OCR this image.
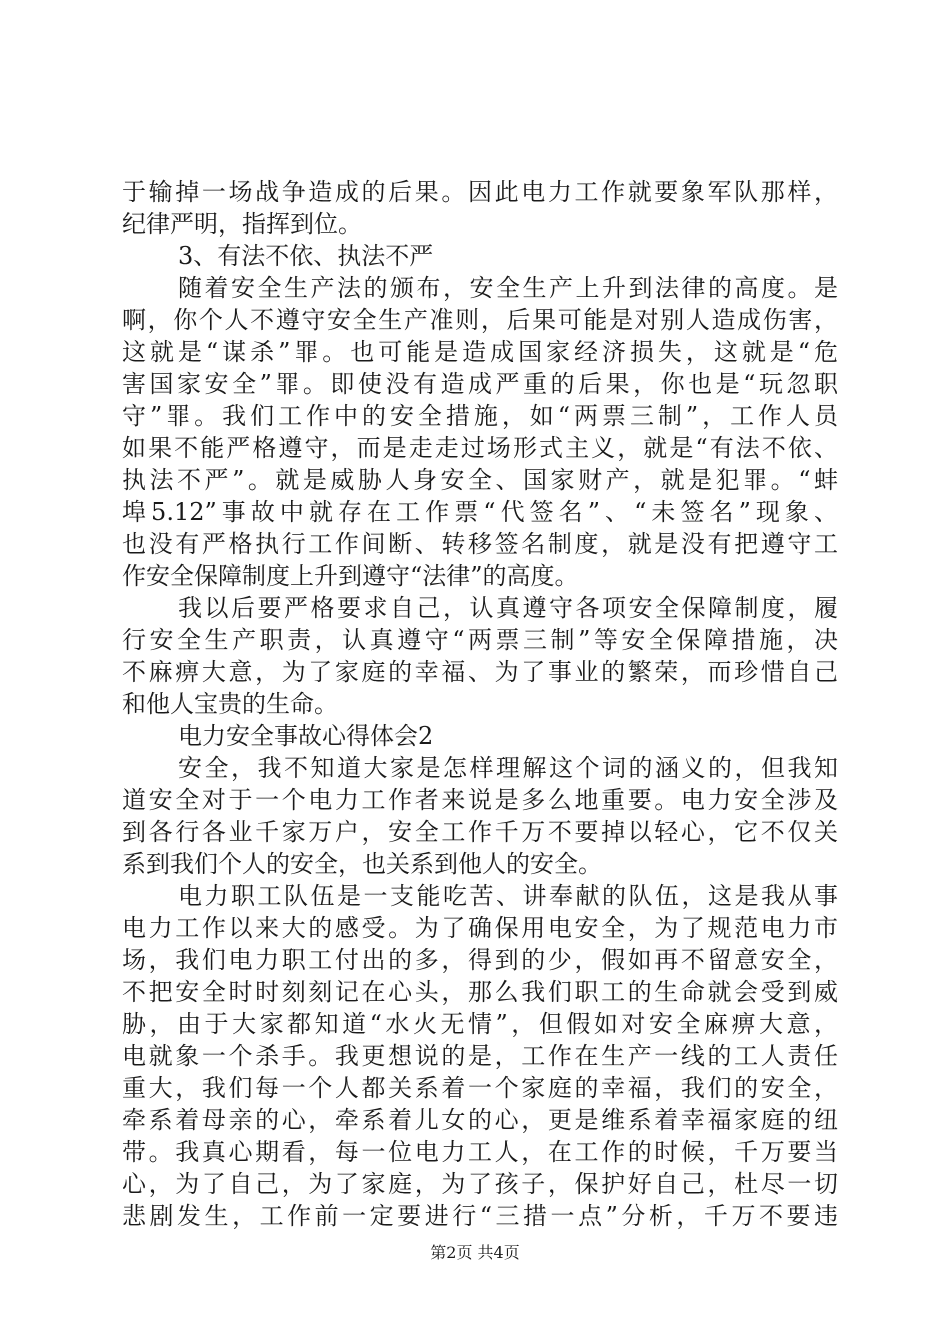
于输掉一场战争造成的后果。因此电力工作就要象军队那样，
纪律严明，指挥到位。
3、有法不依、执法不严
随着安全生产法的颁布，安全生产上升到法律的高度。是
啊，你个人不遵守安全生产准则，后果可能是对别人造成伤害，
这就是“谋杀”罪。也可能是造成国家经济损失，这就是“危
害国家安全”罪。即使没有造成严重的后果，你也是“玩忽职
守”罪。我们工作中的安全措施，如“两票三制”，工作人员
如果不能严格遵守，而是走走过场形式主义，就是“有法不依、
执法不严”。就是威胁人身安全、国家财产，就是犯罪。“蚌
埠5.12”事故中就存在工作票“代签名”、“未签名”现象、
也没有严格执行工作间断、转移签名制度，就是没有把遵守工
作安全保障制度上升到遵守“法律”的高度。
我以后要严格要求自己，认真遵守各项安全保障制度，履
行安全生产职责，认真遵守“两票三制”等安全保障措施，决
不麻痹大意，为了家庭的幸福、为了事业的繁荣，而珍惜自己
和他人宝贵的生命。
电力安全事故心得体会2
安全，我不知道大家是怎样理解这个词的涵义的，但我知
道安全对于一个电力工作者来说是多么地重要。电力安全涉及
到各行各业千家万户，安全工作千万不要掉以轻心，它不仅关
系到我们个人的安全，也关系到他人的安全。
电力职工队伍是一支能吃苦、讲奉献的队伍，这是我从事
电力工作以来大的感受。为了确保用电安全，为了规范电力市
场，我们电力职工付出的多，得到的少，假如再不留意安全，
不把安全时时刻刻记在心头，那么我们职工的生命就会受到威
胁，由于大家都知道“水火无情”，但假如对安全麻痹大意，
电就象一个杀手。我更想说的是，工作在生产一线的工人责任
重大，我们每一个人都关系着一个家庭的幸福，我们的安全，
牵系着母亲的心，牵系着儿女的心，更是维系着幸福家庭的纽
带。我真心期看，每一位电力工人，在工作的时候，千万要当
心，为了自己，为了家庭，为了孩子，保护好自己，杜尽一切
悲剧发生，工作前一定要进行“三措一点”分析，千万不要违
第2页 共4页
